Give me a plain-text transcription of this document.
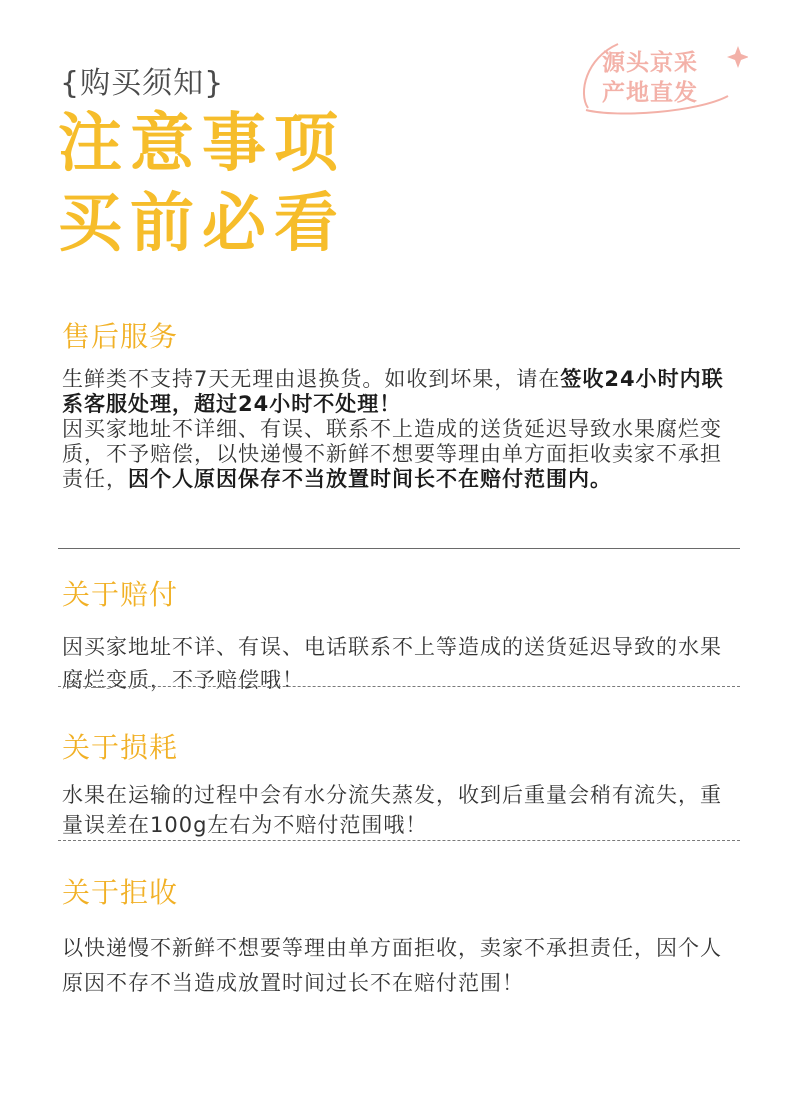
{购买须知}
注意事项
买前必看
源头京采
产地直发

售后服务

生鲜类不支持7天无理由退换货。如收到坏果，请在签收24小时内联系客服处理，超过24小时不处理！
因买家地址不详细、有误、联系不上造成的送货延迟导致水果腐烂变质，不予赔偿，以快递慢不新鲜不想要等理由单方面拒收卖家不承担责任，因个人原因保存不当放置时间长不在赔付范围内。

关于赔付

因买家地址不详、有误、电话联系不上等造成的送货延迟导致的水果腐烂变质，不予赔偿哦！

关于损耗

水果在运输的过程中会有水分流失蒸发，收到后重量会稍有流失，重量误差在100g左右为不赔付范围哦！

关于拒收

以快递慢不新鲜不想要等理由单方面拒收，卖家不承担责任，因个人原因不存不当造成放置时间过长不在赔付范围！
